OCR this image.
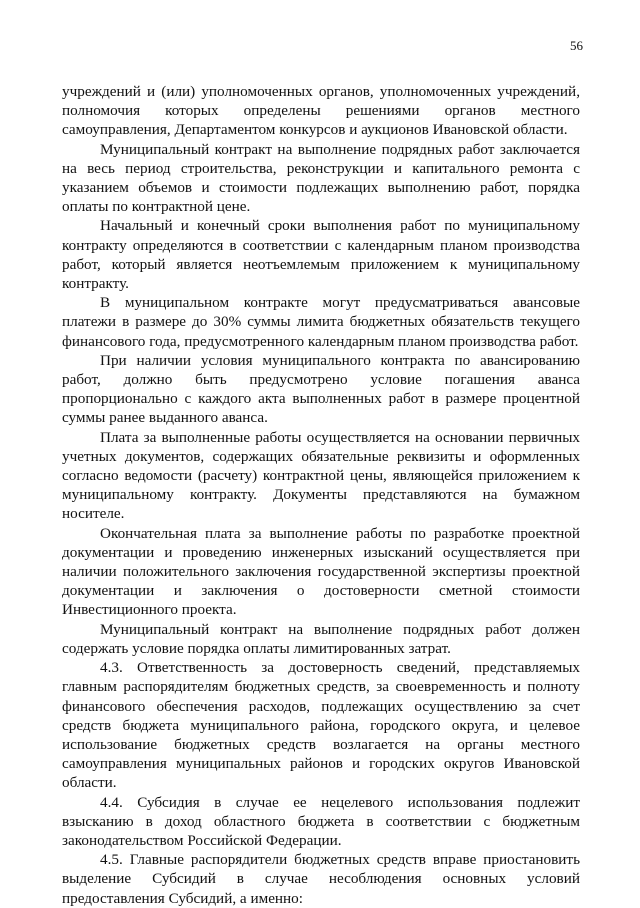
56

учреждений и (или) уполномоченных органов, уполномоченных учреждений, полномочия которых определены решениями органов местного самоуправления, Департаментом конкурсов и аукционов Ивановской области.

Муниципальный контракт на выполнение подрядных работ заключается на весь период строительства, реконструкции и капитального ремонта с указанием объемов и стоимости подлежащих выполнению работ, порядка оплаты по контрактной цене.

Начальный и конечный сроки выполнения работ по муниципальному контракту определяются в соответствии с календарным планом производства работ, который является неотъемлемым приложением к муниципальному контракту.

В муниципальном контракте могут предусматриваться авансовые платежи в размере до 30% суммы лимита бюджетных обязательств текущего финансового года, предусмотренного календарным планом производства работ.

При наличии условия муниципального контракта по авансированию работ, должно быть предусмотрено условие погашения аванса пропорционально с каждого акта выполненных работ в размере процентной суммы ранее выданного аванса.

Плата за выполненные работы осуществляется на основании первичных учетных документов, содержащих обязательные реквизиты и оформленных согласно ведомости (расчету) контрактной цены, являющейся приложением к муниципальному контракту. Документы представляются на бумажном носителе.

Окончательная плата за выполнение работы по разработке проектной документации и проведению инженерных изысканий осуществляется при наличии положительного заключения государственной экспертизы проектной документации и заключения о достоверности сметной стоимости Инвестиционного проекта.

Муниципальный контракт на выполнение подрядных работ должен содержать условие порядка оплаты лимитированных затрат.

4.3. Ответственность за достоверность сведений, представляемых главным распорядителям бюджетных средств, за своевременность и полноту финансового обеспечения расходов, подлежащих осуществлению за счет средств бюджета муниципального района, городского округа, и целевое использование бюджетных средств возлагается на органы местного самоуправления муниципальных районов и городских округов Ивановской области.

4.4. Субсидия в случае ее нецелевого использования подлежит взысканию в доход областного бюджета в соответствии с бюджетным законодательством Российской Федерации.

4.5. Главные распорядители бюджетных средств вправе приостановить выделение Субсидий в случае несоблюдения основных условий предоставления Субсидий, а именно:
